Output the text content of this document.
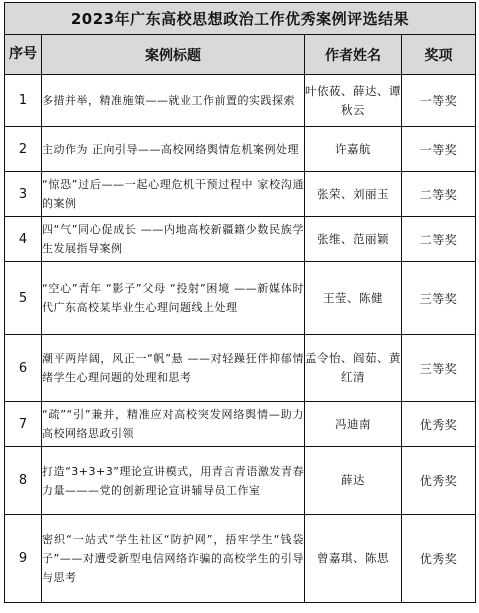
2023年广东高校思想政治工作优秀案例评选结果			
序号	案例标题	作者姓名	奖项
1	多措并举，精准施策——就业工作前置的实践探索	叶依莜、薛达、谭秋云	一等奖
2	主动作为 正向引导——高校网络舆情危机案例处理	许嘉航	一等奖
3	“惊恐”过后——一起心理危机干预过程中 家校沟通的案例	张荣、刘丽玉	二等奖
4	四“气”同心促成长 ——内地高校新疆籍少数民族学生发展指导案例	张维、范丽颖	二等奖
5	“空心”青年 “影子”父母 “投射”困境 ——新媒体时代广东高校某毕业生心理问题线上处理	王莹、陈健	三等奖
6	潮平两岸阔，风正一“帆”悬 ——对轻躁狂伴抑郁情绪学生心理问题的处理和思考	孟令怡、阎茹、黄红清	三等奖
7	“疏”“引”兼并，精准应对高校突发网络舆情—助力高校网络思政引领	冯迪南	优秀奖
8	打造“3+3+3”理论宣讲模式，用青言青语激发青春力量———党的创新理论宣讲辅导员工作室	薛达	优秀奖
9	密织“一站式”学生社区“防护网”，捂牢学生“钱袋子”——对遭受新型电信网络诈骗的高校学生的引导与思考	曾嘉琪、陈思	优秀奖
